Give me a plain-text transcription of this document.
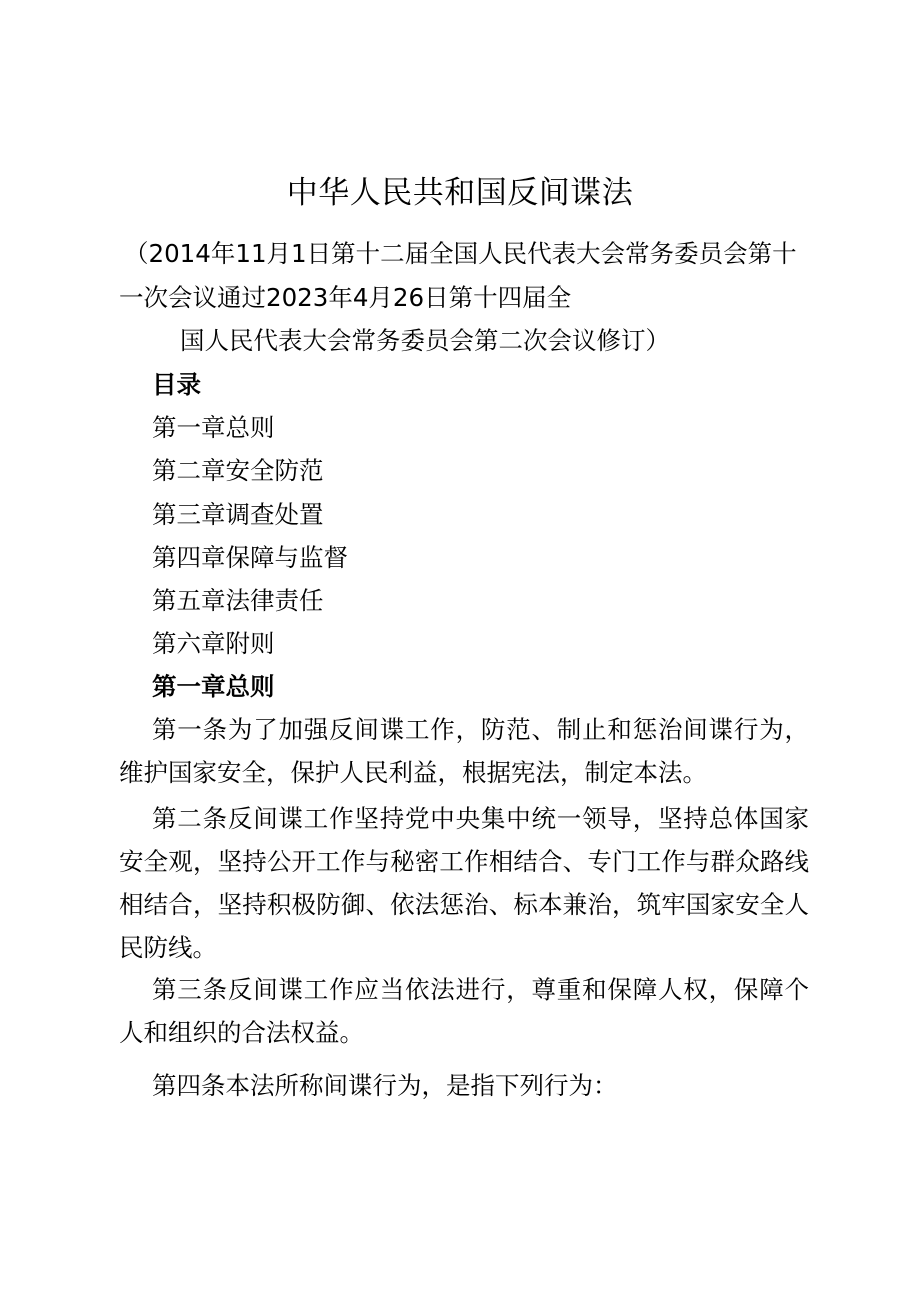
中华人民共和国反间谍法
（2014年11月1日第十二届全国人民代表大会常务委员会第十
一次会议通过2023年4月26日第十四届全
国人民代表大会常务委员会第二次会议修订）
目录
第一章总则
第二章安全防范
第三章调查处置
第四章保障与监督
第五章法律责任
第六章附则
第一章总则
第一条为了加强反间谍工作，防范、制止和惩治间谍行为，维护国家安全，保护人民利益，根据宪法，制定本法。
第二条反间谍工作坚持党中央集中统一领导，坚持总体国家安全观，坚持公开工作与秘密工作相结合、专门工作与群众路线相结合，坚持积极防御、依法惩治、标本兼治，筑牢国家安全人民防线。
第三条反间谍工作应当依法进行，尊重和保障人权，保障个人和组织的合法权益。
第四条本法所称间谍行为，是指下列行为：
